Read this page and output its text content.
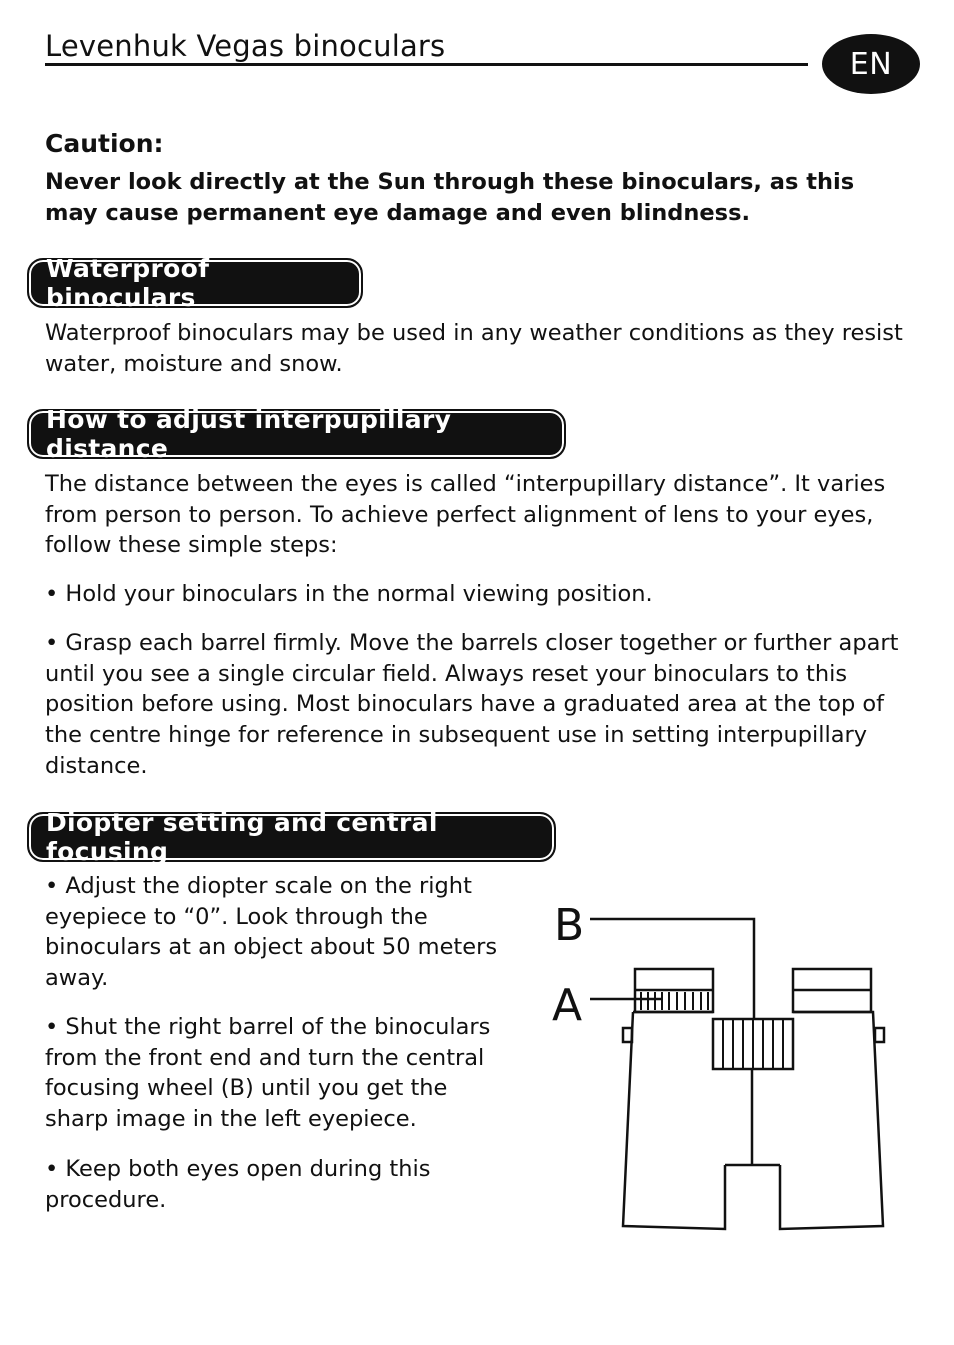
Levenhuk Vegas binoculars
EN
Caution:
Never look directly at the Sun through these binoculars, as this may cause permanent eye damage and even blindness.
Waterproof binoculars
Waterproof binoculars may be used in any weather conditions as they resist water, moisture and snow.
How to adjust interpupillary distance
The distance between the eyes is called “interpupillary distance”. It varies from person to person. To achieve perfect alignment of lens to your eyes, follow these simple steps:
• Hold your binoculars in the normal viewing position.
• Grasp each barrel firmly. Move the barrels closer together or further apart until you see a single circular field. Always reset your binoculars to this position before using. Most binoculars have a graduated area at the top of the centre hinge for reference in subsequent use in setting interpupillary distance.
Diopter setting and central focusing
• Adjust the diopter scale on the right eyepiece to “0”. Look through the binoculars at an object about 50 meters away.
• Shut the right barrel of the binoculars from the front end and turn the central focusing wheel (B) until you get the sharp image in the left eyepiece.
• Keep both eyes open during this procedure.
B
A
